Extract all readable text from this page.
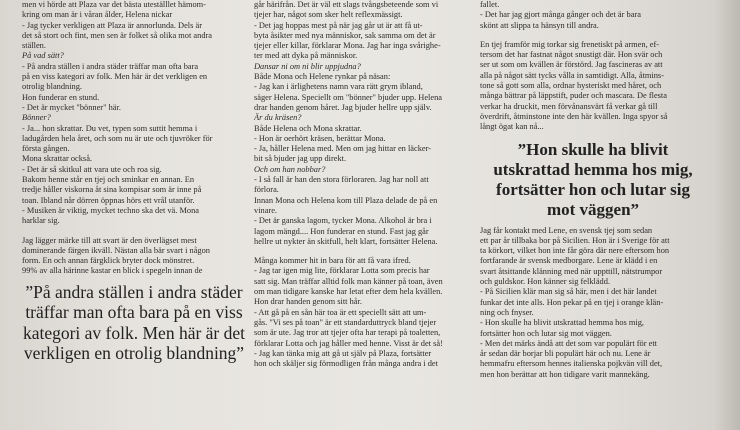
men vi hörde att Plaza var det bästa uteställlet hämom-

kring om man är i våran ålder, Helena nickar

- Jag tycker verkligen att Plaza är annorlunda. Dels är

det så stort och fint, men sen är folket så olika mot andra

ställen.

På vad sätt?

- På andra ställen i andra städer träffar man ofta bara

på en viss kategori av folk. Men här är det verkligen en

otrolig blandning.

Hon funderar en stund.

- Det är mycket "bönner" här.

Bönner?

- Ja... hon skrattar. Du vet, typen som suttit hemma i

ladugården hela året, och som nu är ute och tjuvröker för

första gången.

Mona skrattar också.

- Det är så skitkul att vara ute och roa sig.

Bakom henne står en tjej och sminkar en annan. En

tredje håller viskorna åt sina kompisar som är inne på

toan. Ibland når dörren öppnas hörs ett vrål utanför.

- Musiken är viktig, mycket techno ska det vä. Mona

harklar sig.

Jag lägger märke till att svart är den överlägset mest

dominerande färgen ikväll. Nästan alla bär svart i någon

form. En och annan färgklick bryter dock mönstret.

99% av alla härinne kastar en blick i spegeln innan de

”På andra ställen i andra städer träffar man ofta bara på en viss kategori av folk. Men här är det verkligen en otrolig blandning”

går härifrån. Det är väl ett slags tvångsbeteende som vi

tjejer har, något som sker helt reflexmässigt.

- Det jag hoppas mest på när jag går ut är att få ut-

byta åsikter med nya människor, sak samma om det är

tjejer eller killar, förklarar Mona. Jag har inga svårighe-

ter med att dyka på människor.

Dansar ni om ni blir uppjudna?

Både Mona och Helene rynkar på näsan:

- Jag kan i ärlighetens namn vara rätt grym ibland,

säger Helena. Speciellt om "bönner" bjuder upp. Helena

drar handen genom håret. Jag bjuder hellre upp själv.

Är du kräsen?

Både Helena och Mona skrattar.

- Hon är oerhört kräsen, berättar Mona.

- Ja, håller Helena med. Men om jag hittar en läcker-

bit så bjuder jag upp direkt.

Och om han nobbar?

- I så fall är han den stora förloraren. Jag har noll att

förlora.

Innan Mona och Helena kom till Plaza delade de på en

vinare.

- Det är ganska lagom, tycker Mona. Alkohol är bra i

lagom mängd.... Hon funderar en stund. Fast jag går

hellre ut nykter än skitfull, helt klart, fortsätter Helena.

Många kommer hit in bara för att få vara ifred.

- Jag tar igen mig lite, förklarar Lotta som precis har

satt sig. Man träffar alltid folk man känner på toan, även

om man tidigare kanske har letat efter dem hela kvällen.

Hon drar handen genom sitt hår.

- Att gå på en sån här toa är ett speciellt sätt att um-

gås. "Vi ses på toan" är ett standarduttryck bland tjejer

som är ute. Jag tror att tjejer ofta har terapi på toaletten,

förklarar Lotta och jag håller med henne. Visst är det så!

- Jag kan tänka mig att gå ut själv på Plaza, fortsätter

hon och skäljer sig förmodligen från många andra i det

fallet.

- Det har jag gjort många gånger och det är bara

skönt att slippa ta hänsyn till andra.

En tjej framför mig torkar sig frenetiskt på armen, ef-

tersom det har fastnat något snustigt där. Hon svär och

ser ut som om kvällen är förstörd. Jag fascineras av att

alla på något sätt tycks vålla in samtidigt. Alla, åtmins-

tone så gott som alla, ordnar hysteriskt med håret, och

många bättrar på läppstift, puder och mascara. De flesta

verkar ha druckit, men förvånansvärt få verkar gå till

överdrift, åtminstone inte den här kvällen. Inga spyor så

långt ögat kan nå...

”Hon skulle ha blivit utskrattad hemma hos mig, fortsätter hon och lutar sig mot väggen”

Jag får kontakt med Lene, en svensk tjej som sedan

ett par år tillbaka bor på Sicilien. Hon är i Sverige för att

ta körkort, vilket hon inte får göra där nere eftersom hon

fortfarande är svensk medborgare. Lene är klädd i en

svart åtsittande klänning med när uppttill, nätstrumpor

och guldskor. Hon känner sig felklädd.

- På Sicilien klär man sig så här, men i det här landet

funkar det inte alls. Hon pekar på en tjej i orange klän-

ning och fnyser.

- Hon skulle ha blivit utskrattad hemma hos mig,

fortsätter hon och lutar sig mot väggen.

- Men det märks ändå att det som var populärt för ett

år sedan där borjar bli populärt här och nu. Lene är

hemmafru eftersom hennes italienska pojkvän vill det,

men hon berättar att hon tidigare varit mannekäng.
